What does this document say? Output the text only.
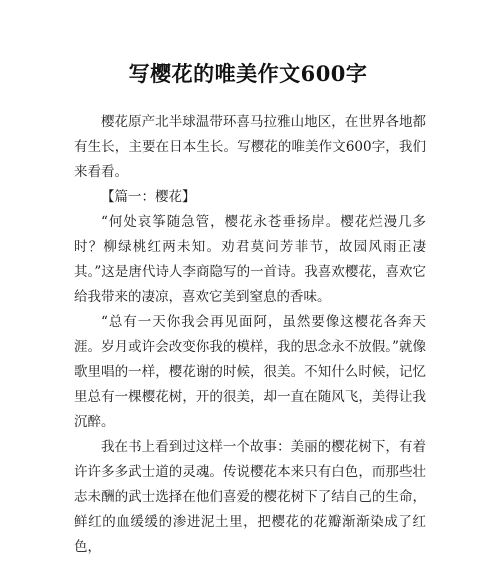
写樱花的唯美作文600字

樱花原产北半球温带环喜马拉雅山地区，在世界各地都有生长，主要在日本生长。写樱花的唯美作文600字，我们来看看。

【篇一：樱花】

“何处哀筝随急管，樱花永苍垂扬岸。樱花烂漫几多时？柳绿桃红两未知。劝君莫问芳菲节，故园风雨正凄其。”这是唐代诗人李商隐写的一首诗。我喜欢樱花，喜欢它给我带来的凄凉，喜欢它美到窒息的香味。

“总有一天你我会再见面阿，虽然要像这樱花各奔天涯。岁月或许会改变你我的模样，我的思念永不放假。”就像歌里唱的一样，樱花谢的时候，很美。不知什么时候，记忆里总有一棵樱花树，开的很美，却一直在随风飞，美得让我沉醉。

我在书上看到过这样一个故事：美丽的樱花树下，有着许许多多武士道的灵魂。传说樱花本来只有白色，而那些壮志未酬的武士选择在他们喜爱的樱花树下了结自己的生命，鲜红的血缓缓的渗进泥土里，把樱花的花瓣渐渐染成了红色，
